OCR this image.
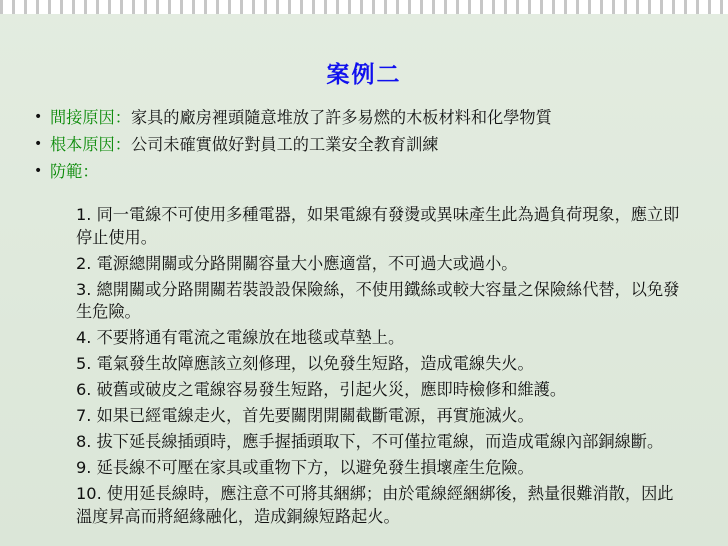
案例二
• 間接原因：家具的廠房裡頭隨意堆放了許多易燃的木板材料和化學物質
• 根本原因：公司未確實做好對員工的工業安全教育訓練
• 防範：
1. 同一電線不可使用多種電器，如果電線有發燙或異味產生此為過負荷現象，應立即停止使用。
2. 電源總開關或分路開關容量大小應適當，不可過大或過小。
3. 總開關或分路開關若裝設設保險絲，不使用鐵絲或較大容量之保險絲代替，以免發生危險。
4. 不要將通有電流之電線放在地毯或草墊上。
5. 電氣發生故障應該立刻修理，以免發生短路，造成電線失火。
6. 破舊或破皮之電線容易發生短路，引起火災，應即時檢修和維護。
7. 如果已經電線走火，首先要關閉開關截斷電源，再實施滅火。
8. 拔下延長線插頭時，應手握插頭取下，不可僅拉電線，而造成電線內部銅線斷。
9. 延長線不可壓在家具或重物下方，以避免發生損壞產生危險。
10. 使用延長線時，應注意不可將其綑綁；由於電線經綑綁後，熱量很難消散，因此溫度昇高而將絕緣融化，造成銅線短路起火。
